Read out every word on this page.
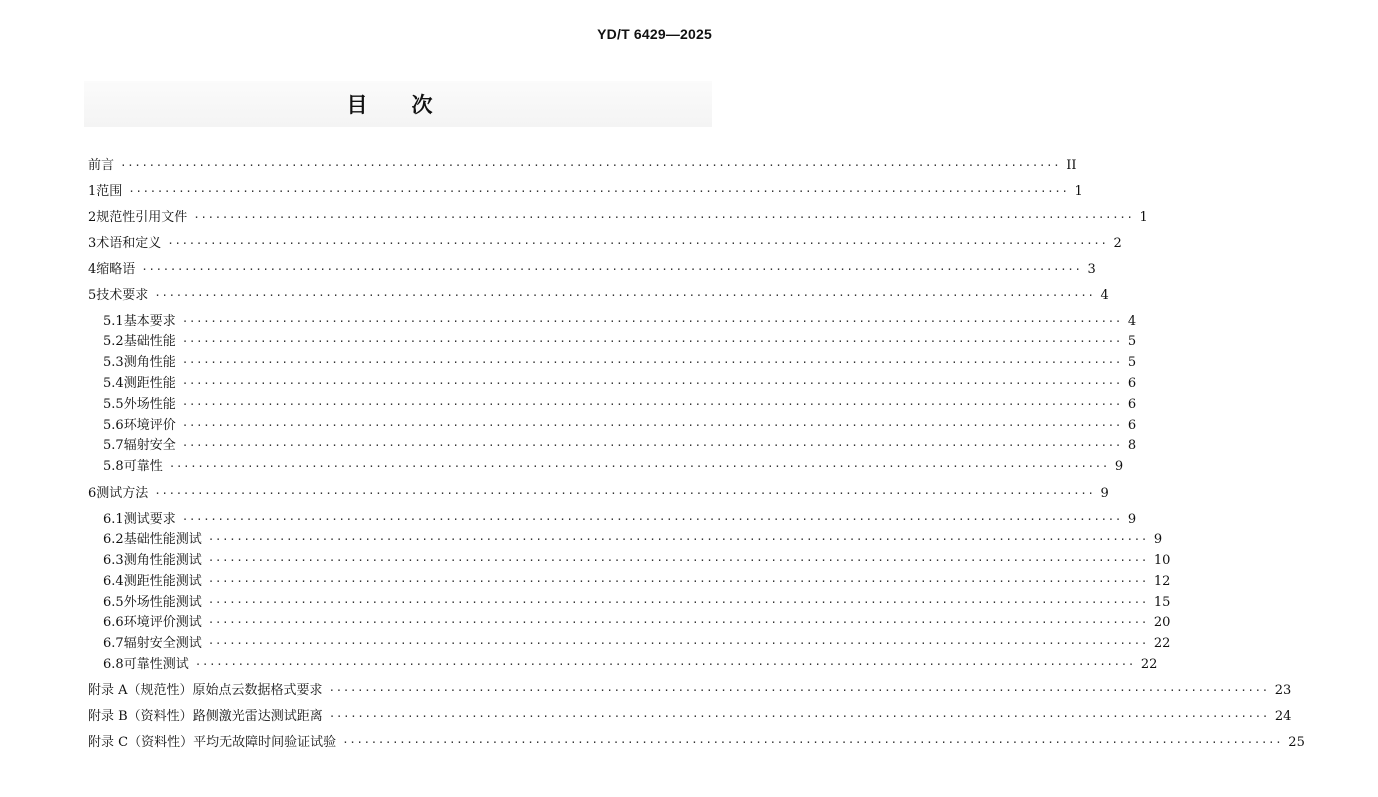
YD/T 6429—2025
目次
前言 ···································································································································· II
1 范围 ···································································································································· 1
2 规范性引用文件 ···································································································································· 1
3 术语和定义 ···································································································································· 2
4 缩略语 ···································································································································· 3
5 技术要求 ···································································································································· 4
5.1 基本要求 ···································································································································· 4
5.2 基础性能 ···································································································································· 5
5.3 测角性能 ···································································································································· 5
5.4 测距性能 ···································································································································· 6
5.5 外场性能 ···································································································································· 6
5.6 环境评价 ···································································································································· 6
5.7 辐射安全 ···································································································································· 8
5.8 可靠性 ···································································································································· 9
6 测试方法 ···································································································································· 9
6.1 测试要求 ···································································································································· 9
6.2 基础性能测试 ···································································································································· 9
6.3 测角性能测试 ···································································································································· 10
6.4 测距性能测试 ···································································································································· 12
6.5 外场性能测试 ···································································································································· 15
6.6 环境评价测试 ···································································································································· 20
6.7 辐射安全测试 ···································································································································· 22
6.8 可靠性测试 ···································································································································· 22
附录 A（规范性） 原始点云数据格式要求 ···································································································································· 23
附录 B（资料性） 路侧激光雷达测试距离 ···································································································································· 24
附录 C（资料性） 平均无故障时间验证试验 ···································································································································· 25
